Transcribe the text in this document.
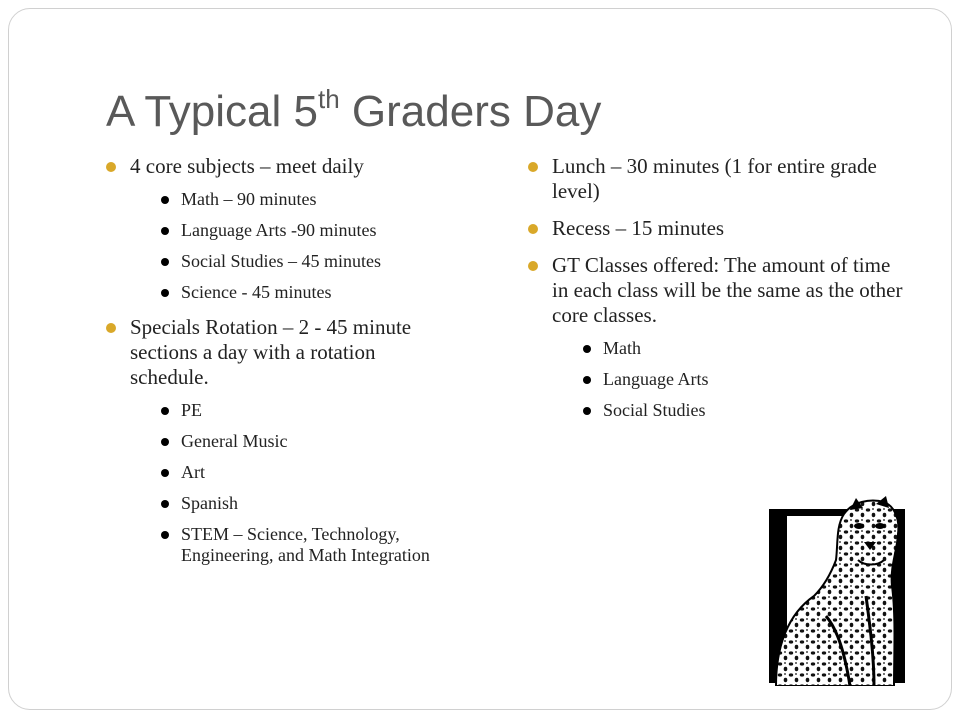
A Typical 5th Graders Day
4 core subjects – meet daily
Math – 90 minutes
Language Arts -90 minutes
Social Studies – 45 minutes
Science - 45 minutes
Specials Rotation – 2 - 45 minute sections a day with a rotation schedule.
PE
General Music
Art
Spanish
STEM – Science, Technology, Engineering, and Math Integration
Lunch – 30 minutes (1 for entire grade level)
Recess – 15 minutes
GT Classes offered: The amount of time in each class will be the same as the other core classes.
Math
Language Arts
Social Studies
